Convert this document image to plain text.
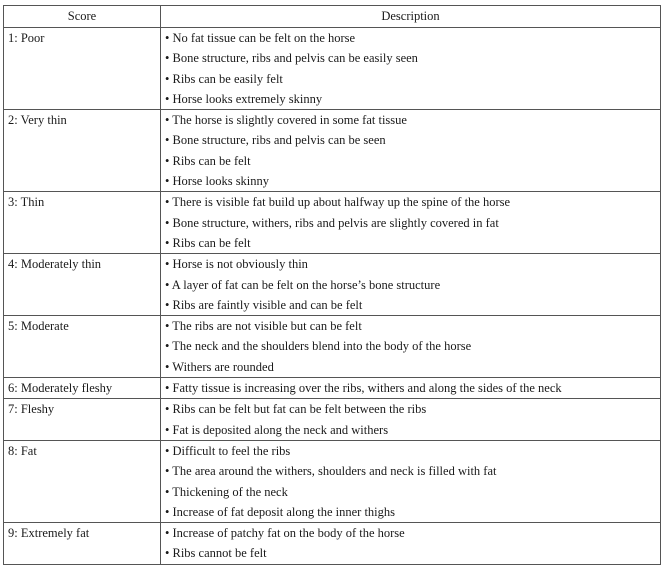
Score	Description
1: Poor	• No fat tissue can be felt on the horse
• Bone structure, ribs and pelvis can be easily seen
• Ribs can be easily felt
• Horse looks extremely skinny

2: Very thin	• The horse is slightly covered in some fat tissue
• Bone structure, ribs and pelvis can be seen
• Ribs can be felt
• Horse looks skinny

3: Thin	• There is visible fat build up about halfway up the spine of the horse
• Bone structure, withers, ribs and pelvis are slightly covered in fat
• Ribs can be felt

4: Moderately thin	• Horse is not obviously thin
• A layer of fat can be felt on the horse’s bone structure
• Ribs are faintly visible and can be felt

5: Moderate	• The ribs are not visible but can be felt
• The neck and the shoulders blend into the body of the horse
• Withers are rounded

6: Moderately fleshy	• Fatty tissue is increasing over the ribs, withers and along the sides of the neck

7: Fleshy	• Ribs can be felt but fat can be felt between the ribs
• Fat is deposited along the neck and withers

8: Fat	• Difficult to feel the ribs
• The area around the withers, shoulders and neck is filled with fat
• Thickening of the neck
• Increase of fat deposit along the inner thighs

9: Extremely fat	• Increase of patchy fat on the body of the horse
• Ribs cannot be felt
